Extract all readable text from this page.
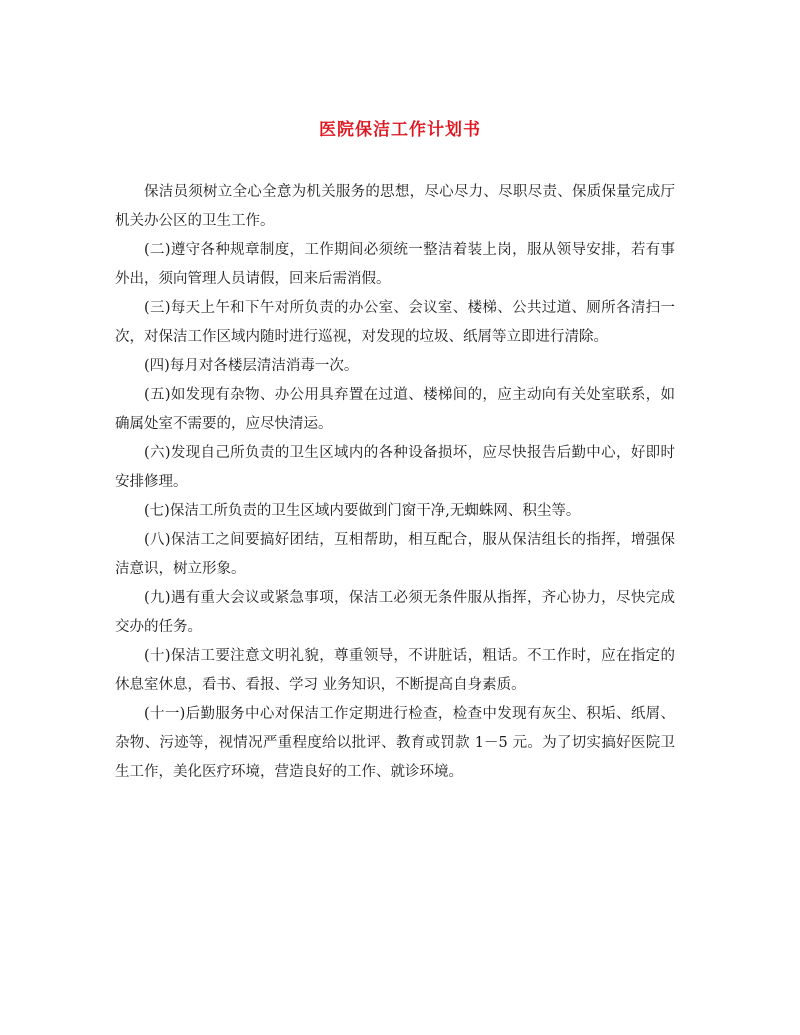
医院保洁工作计划书

保洁员须树立全心全意为机关服务的思想，尽心尽力、尽职尽责、保质保量完成厅机关办公区的卫生工作。

(二)遵守各种规章制度，工作期间必须统一整洁着装上岗，服从领导安排，若有事外出，须向管理人员请假，回来后需消假。

(三)每天上午和下午对所负责的办公室、会议室、楼梯、公共过道、厕所各清扫一次，对保洁工作区域内随时进行巡视，对发现的垃圾、纸屑等立即进行清除。

(四)每月对各楼层清洁消毒一次。

(五)如发现有杂物、办公用具弃置在过道、楼梯间的，应主动向有关处室联系，如确属处室不需要的，应尽快清运。

(六)发现自己所负责的卫生区域内的各种设备损坏，应尽快报告后勤中心，好即时安排修理。

(七)保洁工所负责的卫生区域内要做到门窗干净,无蜘蛛网、积尘等。

(八)保洁工之间要搞好团结，互相帮助，相互配合，服从保洁组长的指挥，增强保洁意识，树立形象。

(九)遇有重大会议或紧急事项，保洁工必须无条件服从指挥，齐心协力，尽快完成交办的任务。

(十)保洁工要注意文明礼貌，尊重领导，不讲脏话，粗话。不工作时，应在指定的休息室休息，看书、看报、学习 业务知识，不断提高自身素质。

(十一)后勤服务中心对保洁工作定期进行检查，检查中发现有灰尘、积垢、纸屑、杂物、污迹等，视情况严重程度给以批评、教育或罚款 1－5 元。为了切实搞好医院卫生工作，美化医疗环境，营造良好的工作、就诊环境。
